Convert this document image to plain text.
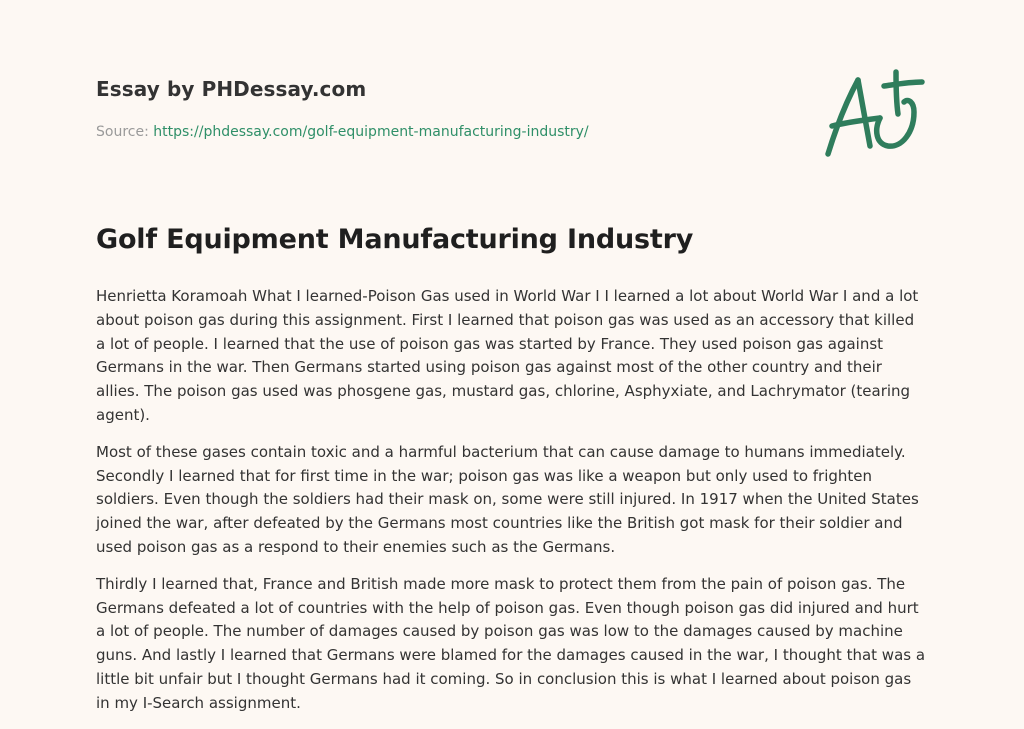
Essay by PHDessay.com
Source: https://phdessay.com/golf-equipment-manufacturing-industry/
Golf Equipment Manufacturing Industry

Henrietta Koramoah What I learned-Poison Gas used in World War I I learned a lot about World War I and a lot about poison gas during this assignment. First I learned that poison gas was used as an accessory that killed a lot of people. I learned that the use of poison gas was started by France. They used poison gas against Germans in the war. Then Germans started using poison gas against most of the other country and their allies. The poison gas used was phosgene gas, mustard gas, chlorine, Asphyxiate, and Lachrymator (tearing agent).

Most of these gases contain toxic and a harmful bacterium that can cause damage to humans immediately. Secondly I learned that for first time in the war; poison gas was like a weapon but only used to frighten soldiers. Even though the soldiers had their mask on, some were still injured. In 1917 when the United States joined the war, after defeated by the Germans most countries like the British got mask for their soldier and used poison gas as a respond to their enemies such as the Germans.

Thirdly I learned that, France and British made more mask to protect them from the pain of poison gas. The Germans defeated a lot of countries with the help of poison gas. Even though poison gas did injured and hurt a lot of people. The number of damages caused by poison gas was low to the damages caused by machine guns. And lastly I learned that Germans were blamed for the damages caused in the war, I thought that was a little bit unfair but I thought Germans had it coming. So in conclusion this is what I learned about poison gas in my I-Search assignment.
